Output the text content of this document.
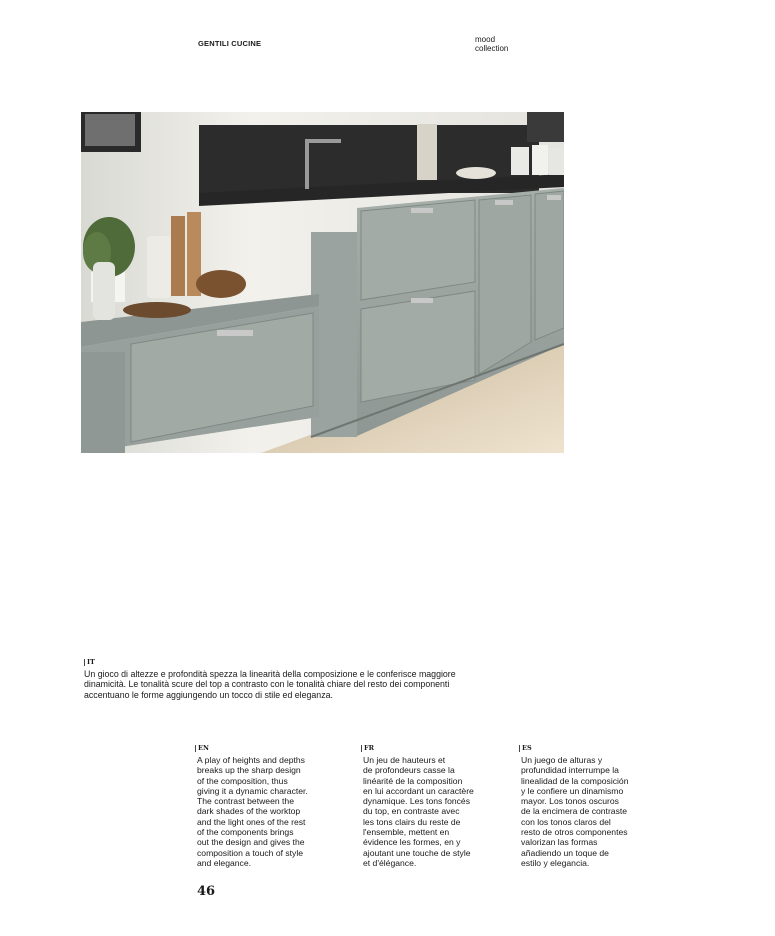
GENTILI CUCINE	mood
collection
IT
Un gioco di altezze e profondità spezza la linearità della composizione e le conferisce maggiore dinamicità. Le tonalità scure del top a contrasto con le tonalità chiare del resto dei componenti accentuano le forme aggiungendo un tocco di stile ed eleganza.
EN
A play of heights and depths
breaks up the sharp design
of the composition, thus
giving it a dynamic character.
The contrast between the
dark shades of the worktop
and the light ones of the rest
of the components brings
out the design and gives the
composition a touch of style
and elegance.
FR
Un jeu de hauteurs et
de profondeurs casse la
linéarité de la composition
en lui accordant un caractère
dynamique. Les tons foncés
du top, en contraste avec
les tons clairs du reste de
l'ensemble, mettent en
évidence les formes, en y
ajoutant une touche de style
et d'élégance.
ES
Un juego de alturas y
profundidad interrumpe la
linealidad de la composición
y le confiere un dinamismo
mayor. Los tonos oscuros
de la encimera de contraste
con los tonos claros del
resto de otros componentes
valorizan las formas
añadiendo un toque de
estilo y elegancia.
46
